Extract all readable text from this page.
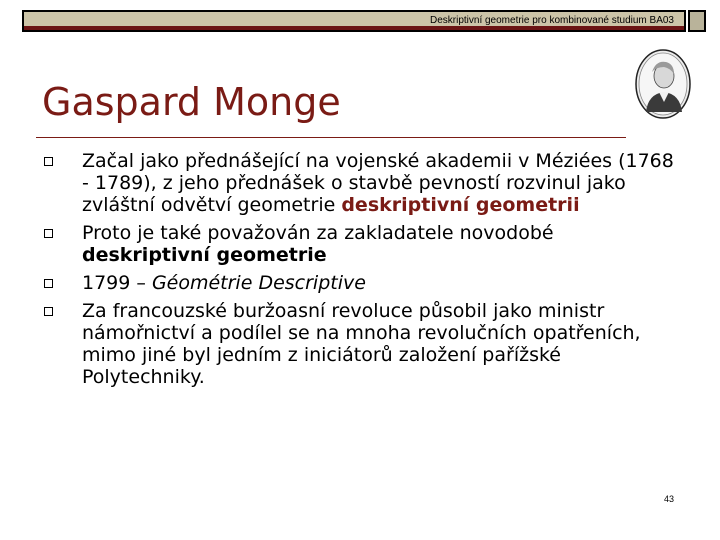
Deskriptivní geometrie pro kombinované studium BA03
Gaspard Monge
Začal jako přednášející na vojenské akademii v Méziées (1768 - 1789), z jeho přednášek o stavbě pevností rozvinul jako zvláštní odvětví geometrie deskriptivní geometrii
Proto je také považován za zakladatele novodobé deskriptivní geometrie
1799 – Géométrie Descriptive
Za francouzské buržoasní revoluce působil jako ministr námořnictví a podílel se na mnoha revolučních opatřeních, mimo jiné byl jedním z iniciátorů založení pařížské Polytechniky.
43
